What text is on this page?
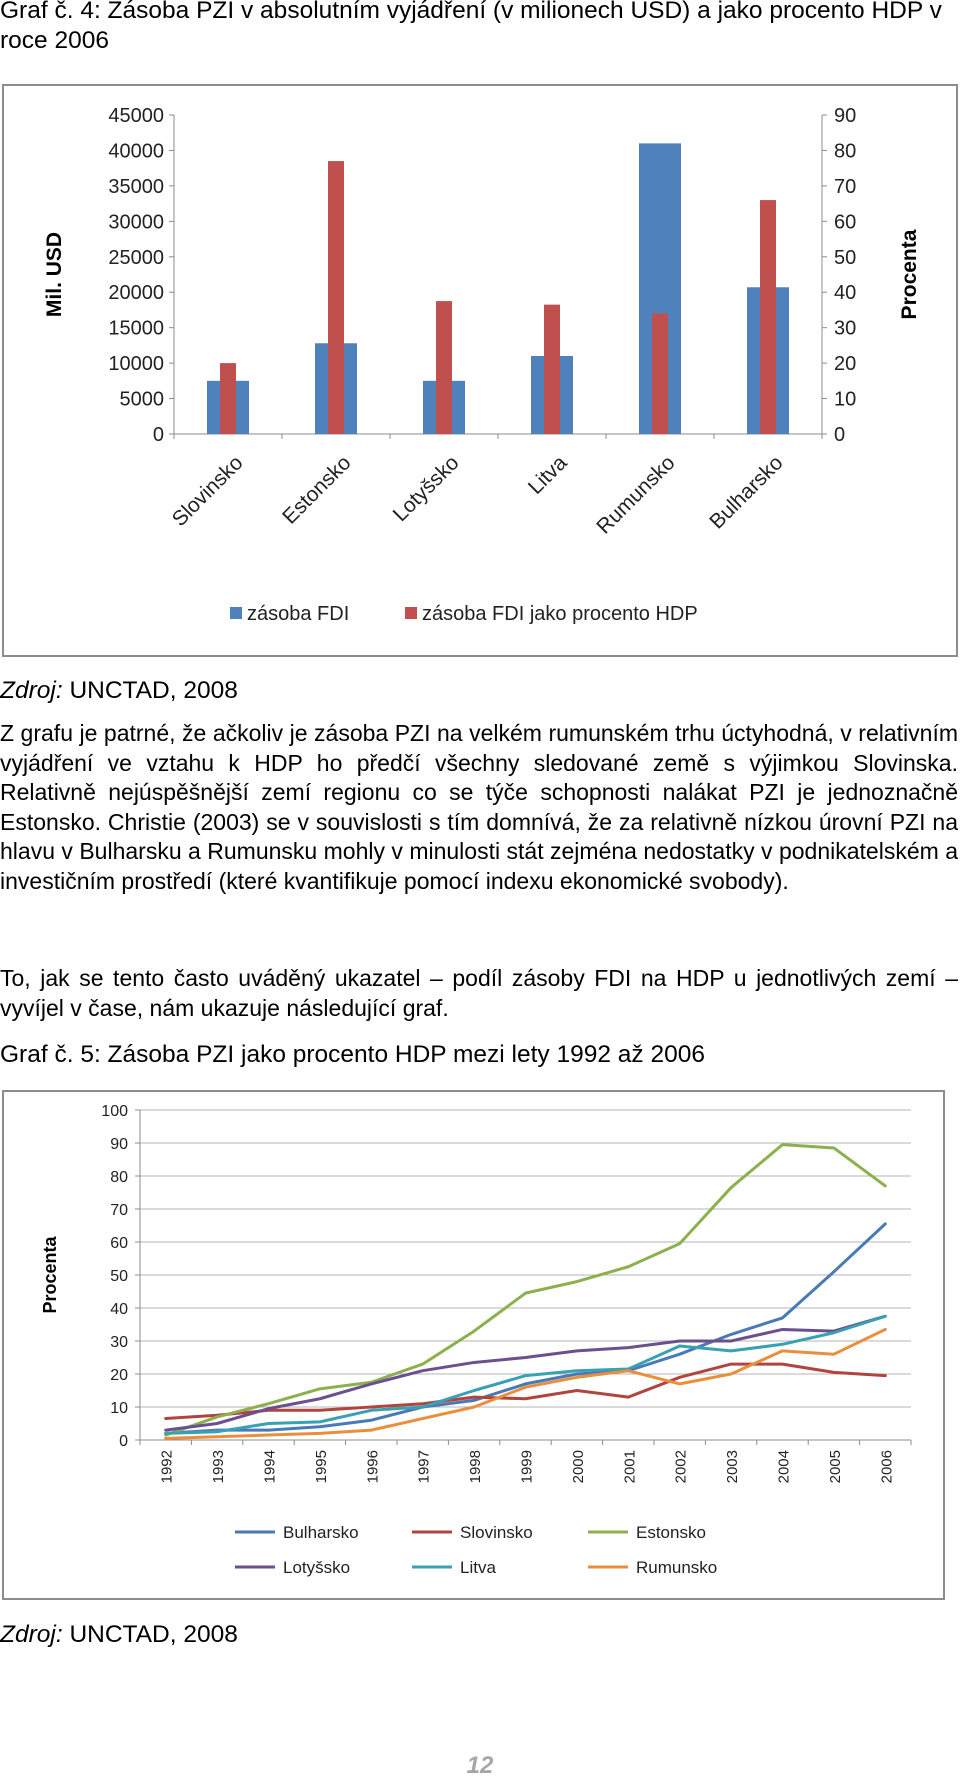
Graf č. 4: Zásoba PZI v absolutním vyjádření (v milionech USD) a jako procento HDP v roce 2006

0
5000
10000
15000
20000
25000
30000
35000
40000
45000
0
10
20
30
40
50
60
70
80
90
Slovinsko Estonsko Lotyšsko	Litva Rumunsko Bulharsko
Mil. USD	Procenta
zásoba FDI	zásoba FDI jako procento HDP
Zdroj: UNCTAD, 2008

Z grafu je patrné, že ačkoliv je zásoba PZI na velkém rumunském trhu úctyhodná, v relativním vyjádření ve vztahu k HDP ho předčí všechny sledované země s výjimkou Slovinska. Relativně nejúspěšnější zemí regionu co se týče schopnosti nalákat PZI je jednoznačně Estonsko. Christie (2003) se v souvislosti s tím domnívá, že za relativně nízkou úrovní PZI na hlavu v Bulharsku a Rumunsku mohly v minulosti stát zejména nedostatky v podnikatelském a investičním prostředí (které kvantifikuje pomocí indexu ekonomické svobody).

To, jak se tento často uváděný ukazatel – podíl zásoby FDI na HDP u jednotlivých zemí – vyvíjel v čase, nám ukazuje následující graf.

Graf č. 5: Zásoba PZI jako procento HDP mezi lety 1992 až 2006

0
10
20
30
40
50
60
70
80
90
100
1992 1993 1994 1995 1996 1997 1998 1999 2000 2001 2002 2003 2004 2005 2006
Procenta
Bulharsko	Slovinsko	Estonsko
Lotyšsko	Litva	Rumunsko
Zdroj: UNCTAD, 2008
12
